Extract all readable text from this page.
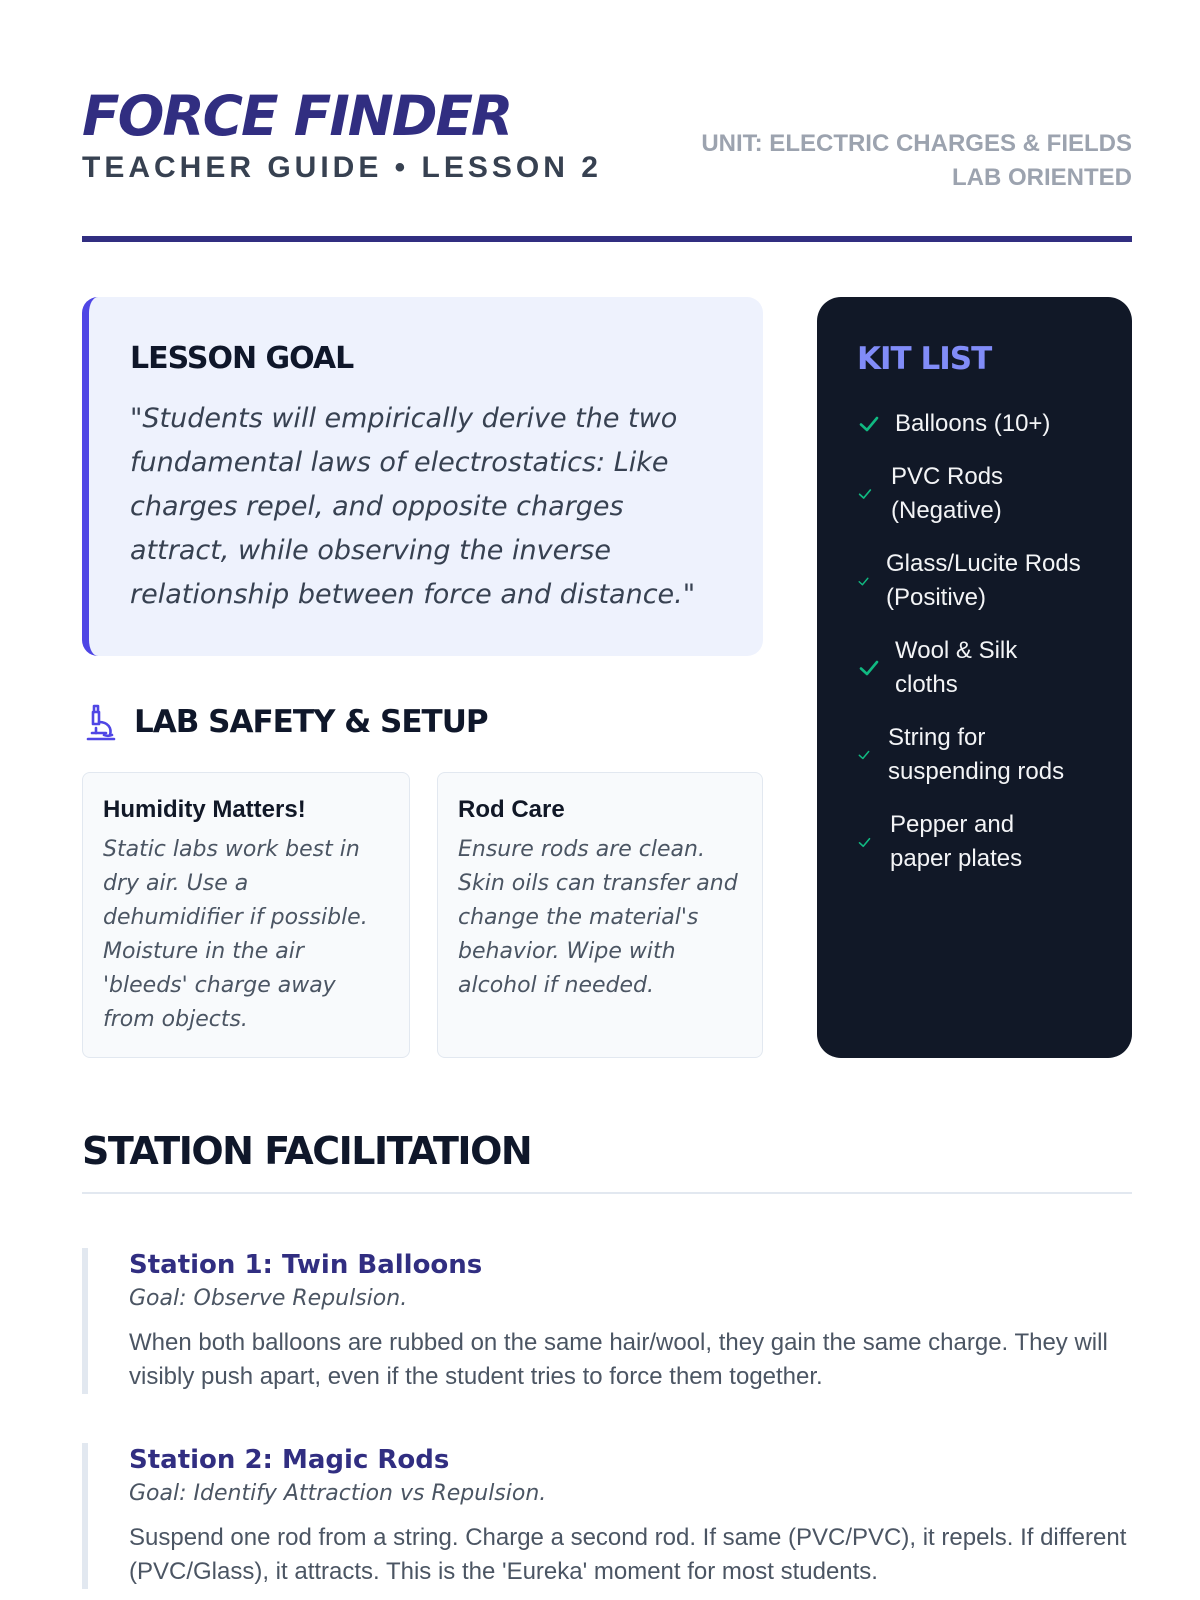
FORCE FINDER
TEACHER GUIDE • LESSON 2
UNIT: ELECTRIC CHARGES & FIELDS
LAB ORIENTED
LESSON GOAL
"Students will empirically derive the two fundamental laws of electrostatics: Like charges repel, and opposite charges attract, while observing the inverse relationship between force and distance."
LAB SAFETY & SETUP
Humidity Matters!
Static labs work best in dry air. Use a dehumidifier if possible. Moisture in the air 'bleeds' charge away from objects.
Rod Care
Ensure rods are clean. Skin oils can transfer and change the material's behavior. Wipe with alcohol if needed.
KIT LIST
Balloons (10+)
PVC Rods (Negative)
Glass/Lucite Rods (Positive)
Wool & Silk cloths
String for suspending rods
Pepper and paper plates
STATION FACILITATION
Station 1: Twin Balloons
Goal: Observe Repulsion.
When both balloons are rubbed on the same hair/wool, they gain the same charge. They will visibly push apart, even if the student tries to force them together.
Station 2: Magic Rods
Goal: Identify Attraction vs Repulsion.
Suspend one rod from a string. Charge a second rod. If same (PVC/PVC), it repels. If different (PVC/Glass), it attracts. This is the 'Eureka' moment for most students.
